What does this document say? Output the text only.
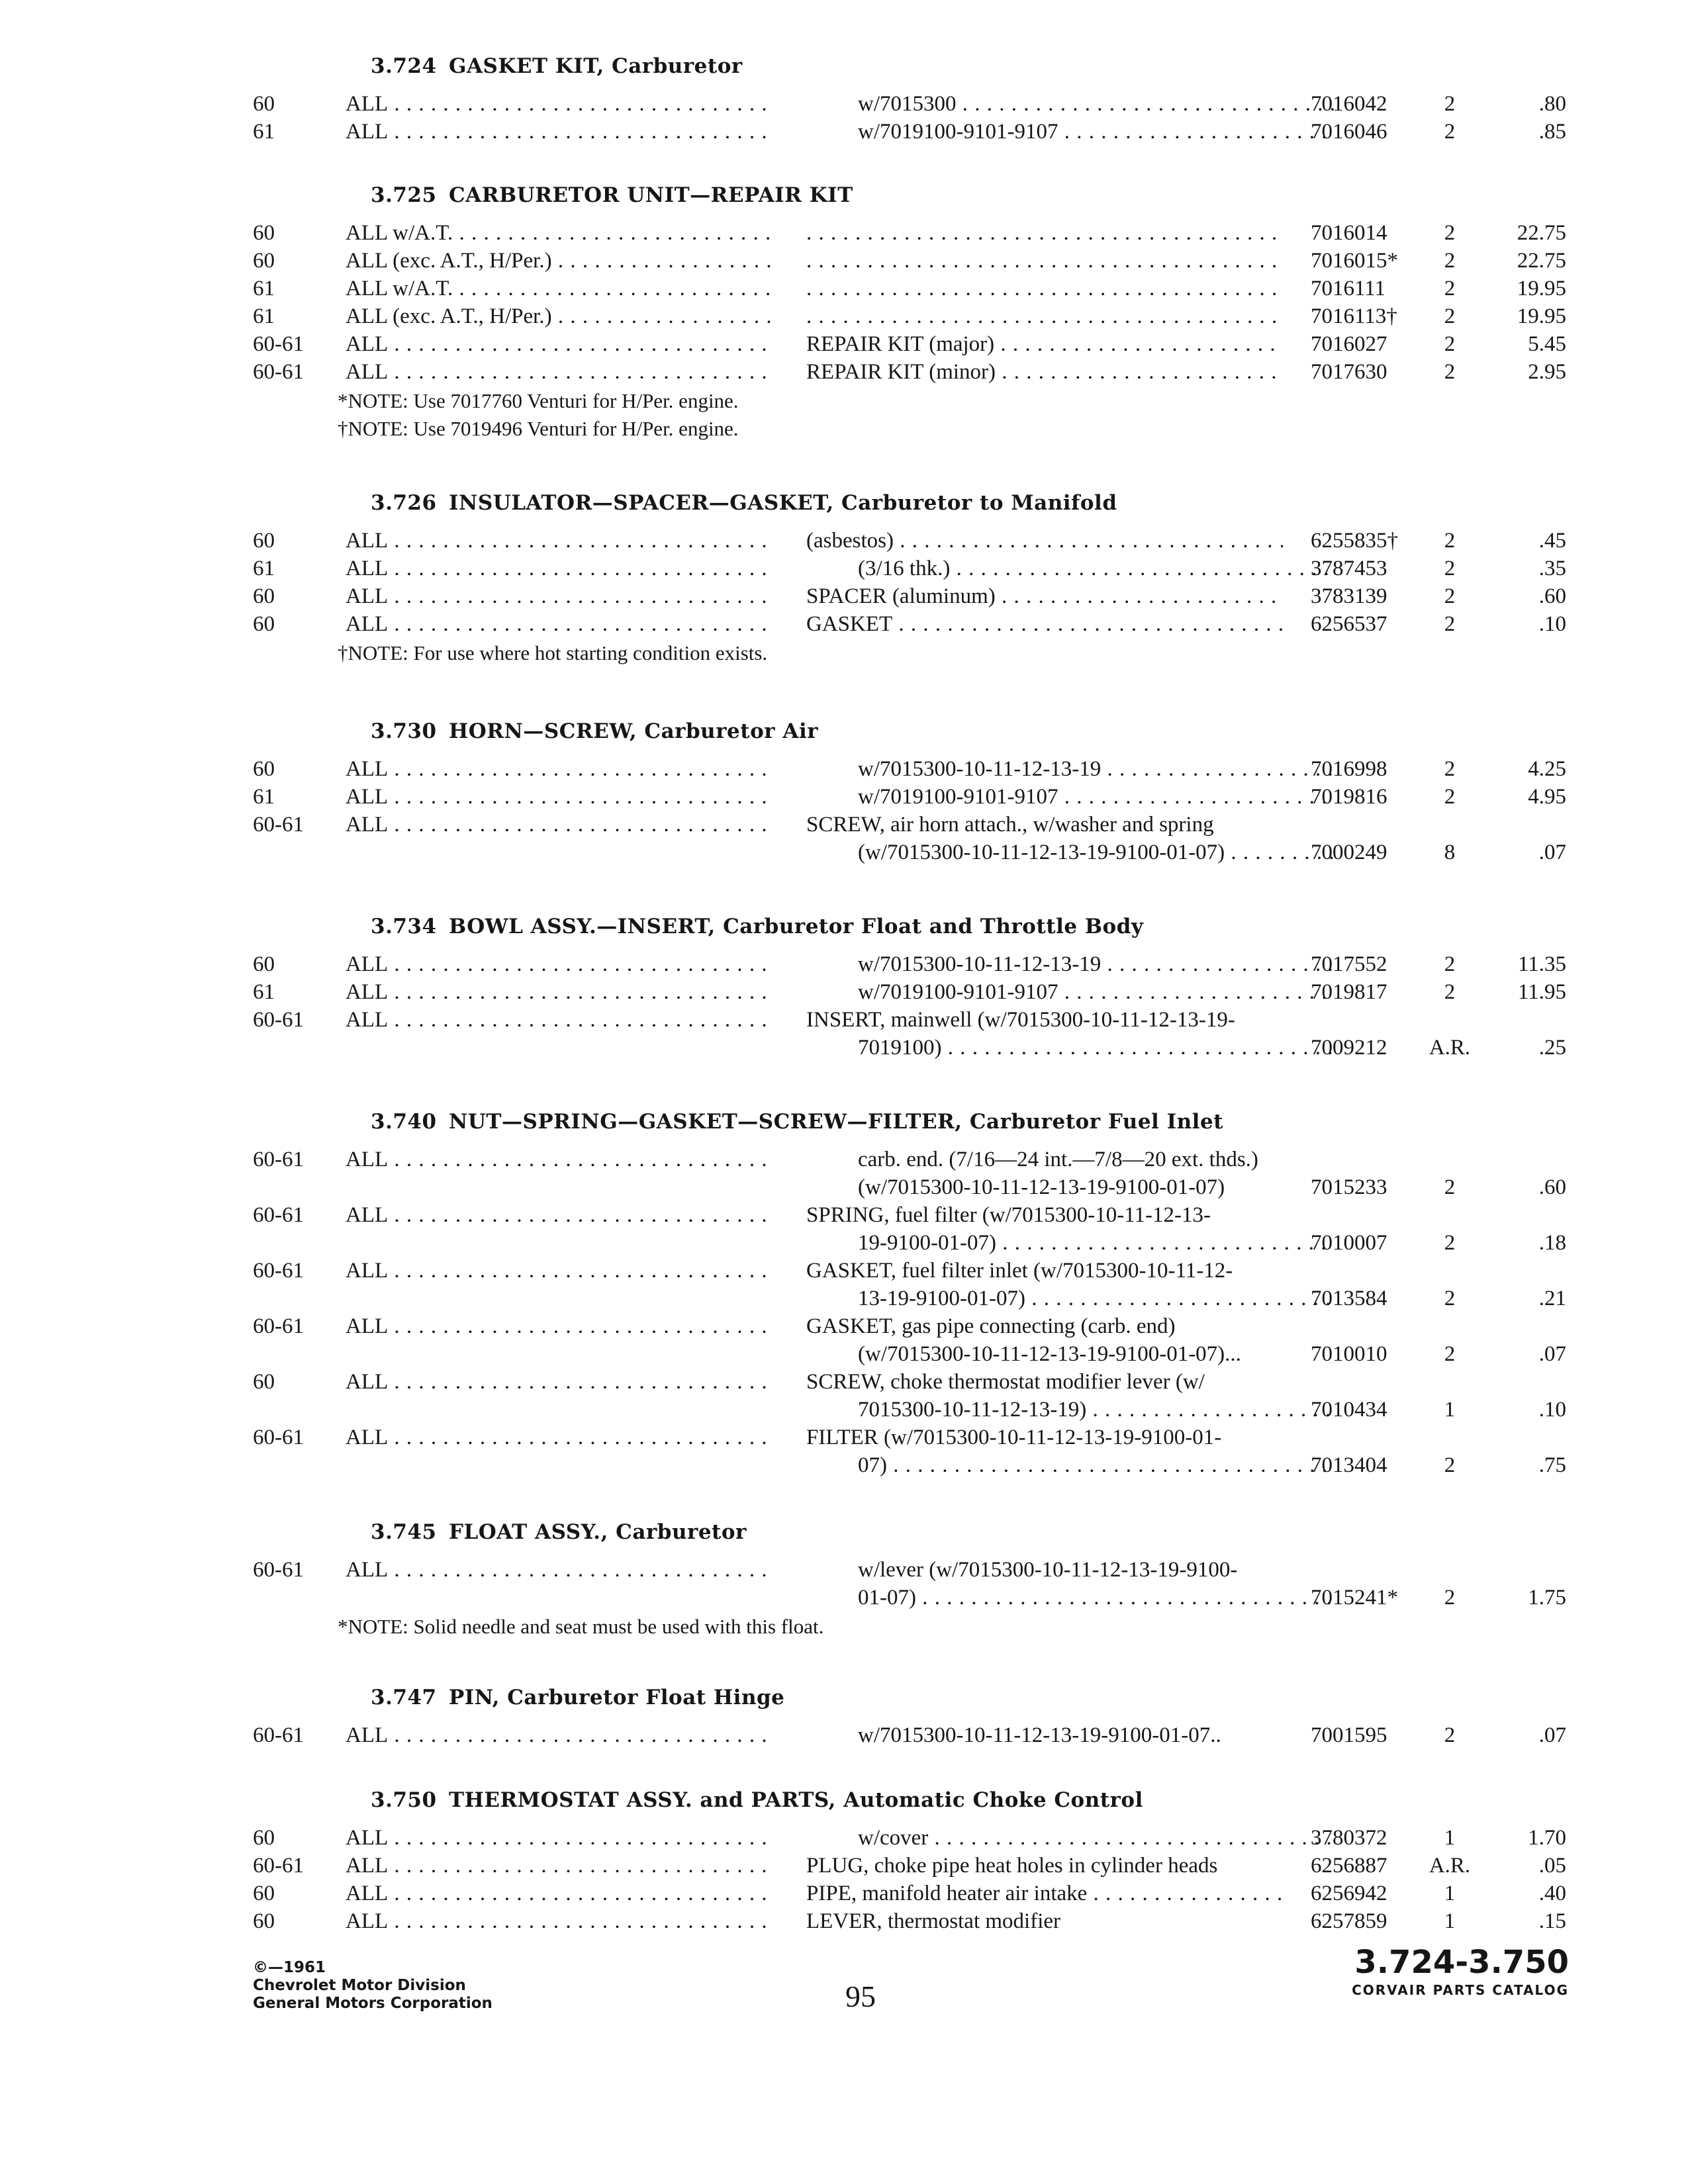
3.724 GASKET KIT, Carburetor
60	ALL . . .	w/7015300 . . .	7016042	2	.80
61	ALL . . .	w/7019100-9101-9107 . . .	7016046	2	.85
3.725 CARBURETOR UNIT—REPAIR KIT
60	ALL w/A.T. . . . . . .	7016014	2	22.75
60	ALL (exc. A.T., H/Per.) . . . . . .	7016015*	2	22.75
61	ALL w/A.T. . . . . . .	7016111	2	19.95
61	ALL (exc. A.T., H/Per.) . . . . . .	7016113†	2	19.95
60-61	ALL . . .	REPAIR KIT (major) . . .	7016027	2	5.45
60-61	ALL . . .	REPAIR KIT (minor) . . .	7017630	2	2.95
*NOTE: Use 7017760 Venturi for H/Per. engine.
†NOTE: Use 7019496 Venturi for H/Per. engine.
3.726 INSULATOR—SPACER—GASKET, Carburetor to Manifold
60	ALL . . .	(asbestos) . . .	6255835†	2	.45
61	ALL . . .	(3/16 thk.) . . .	3787453	2	.35
60	ALL . . .	SPACER (aluminum) . . .	3783139	2	.60
60	ALL . . .	GASKET . . .	6256537	2	.10
†NOTE: For use where hot starting condition exists.
3.730 HORN—SCREW, Carburetor Air
60	ALL . . .	w/7015300-10-11-12-13-19 . . .	7016998	2	4.25
61	ALL . . .	w/7019100-9101-9107 . . .	7019816	2	4.95
60-61	ALL . . .	SCREW, air horn attach., w/washer and spring
(w/7015300-10-11-12-13-19-9100-01-07) . . .	7000249	8	.07
3.734 BOWL ASSY.—INSERT, Carburetor Float and Throttle Body
60	ALL . . .	w/7015300-10-11-12-13-19 . . .	7017552	2	11.35
61	ALL . . .	w/7019100-9101-9107 . . .	7019817	2	11.95
60-61	ALL . . .	INSERT, mainwell (w/7015300-10-11-12-13-19-
7019100) . . .	7009212	A.R.	.25
3.740 NUT—SPRING—GASKET—SCREW—FILTER, Carburetor Fuel Inlet
60-61	ALL . . .	carb. end. (7/16—24 int.—7/8—20 ext. thds.)
(w/7015300-10-11-12-13-19-9100-01-07)	7015233	2	.60
60-61	ALL . . .	SPRING, fuel filter (w/7015300-10-11-12-13-
19-9100-01-07) . . .	7010007	2	.18
60-61	ALL . . .	GASKET, fuel filter inlet (w/7015300-10-11-12-
13-19-9100-01-07) . . .	7013584	2	.21
60-61	ALL . . .	GASKET, gas pipe connecting (carb. end)
(w/7015300-10-11-12-13-19-9100-01-07)...	7010010	2	.07
60	ALL . . .	SCREW, choke thermostat modifier lever (w/
7015300-10-11-12-13-19) . . .	7010434	1	.10
60-61	ALL . . .	FILTER (w/7015300-10-11-12-13-19-9100-01-
07) . . .	7013404	2	.75
3.745 FLOAT ASSY., Carburetor
60-61	ALL . . .	w/lever (w/7015300-10-11-12-13-19-9100-
01-07) . . .	7015241*	2	1.75
*NOTE: Solid needle and seat must be used with this float.
3.747 PIN, Carburetor Float Hinge
60-61	ALL . . .	w/7015300-10-11-12-13-19-9100-01-07..	7001595	2	.07
3.750 THERMOSTAT ASSY. and PARTS, Automatic Choke Control
60	ALL . . .	w/cover . . .	3780372	1	1.70
60-61	ALL . . .	PLUG, choke pipe heat holes in cylinder heads	6256887	A.R.	.05
60	ALL . . .	PIPE, manifold heater air intake . . .	6256942	1	.40
60	ALL . . .	LEVER, thermostat modifier	6257859	1	.15
©—1961
Chevrolet Motor Division
General Motors Corporation	95
3.724-3.750
CORVAIR PARTS CATALOG
